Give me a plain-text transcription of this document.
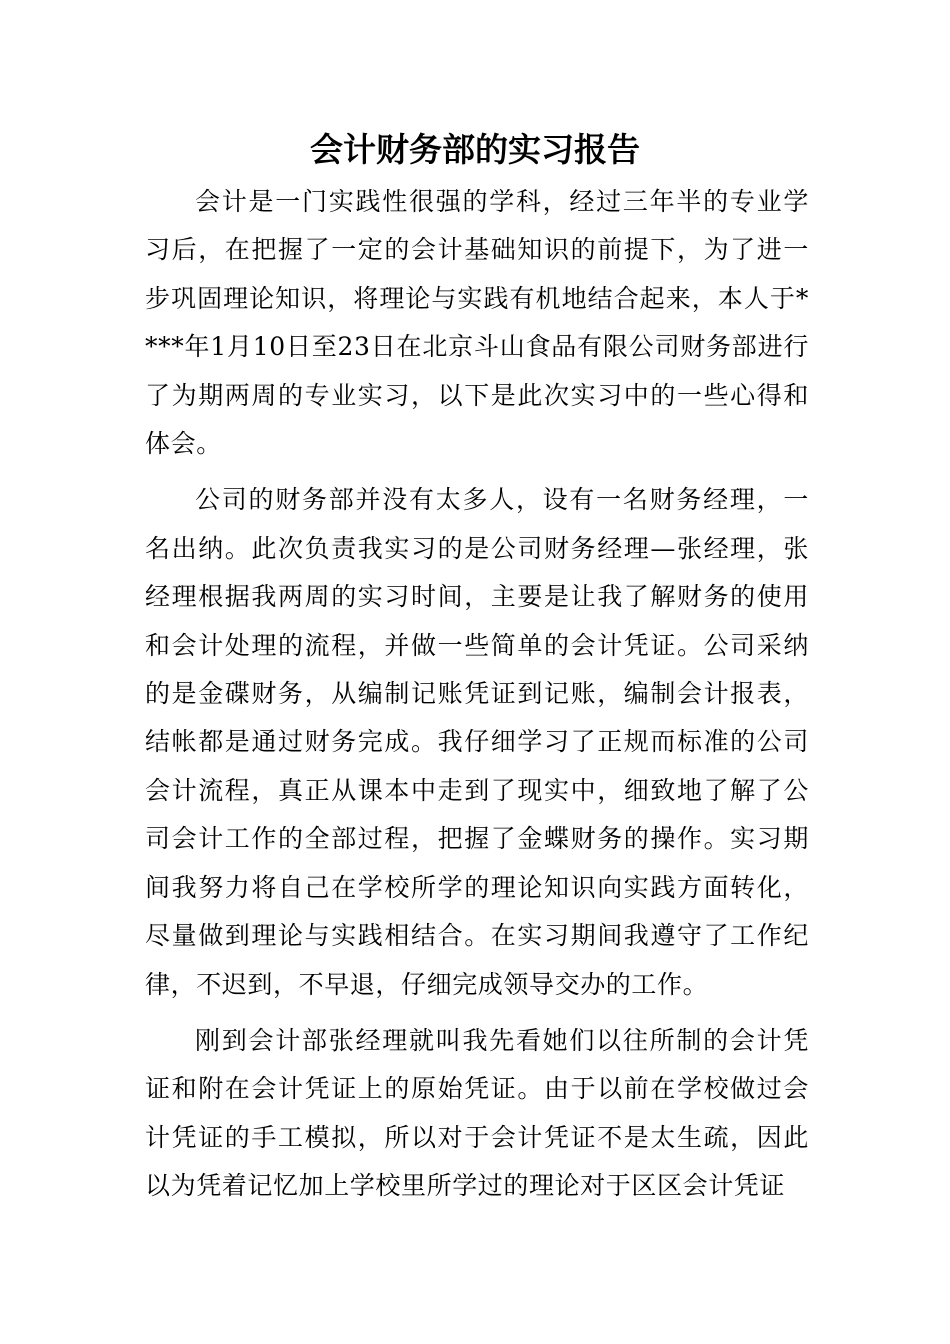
会计财务部的实习报告

会计是一门实践性很强的学科，经过三年半的专业学习后，在把握了一定的会计基础知识的前提下，为了进一步巩固理论知识，将理论与实践有机地结合起来，本人于****年1月10日至23日在北京斗山食品有限公司财务部进行了为期两周的专业实习，以下是此次实习中的一些心得和体会。

公司的财务部并没有太多人，设有一名财务经理，一名出纳。此次负责我实习的是公司财务经理—张经理，张经理根据我两周的实习时间，主要是让我了解财务的使用和会计处理的流程，并做一些简单的会计凭证。公司采纳的是金碟财务，从编制记账凭证到记账，编制会计报表，结帐都是通过财务完成。我仔细学习了正规而标准的公司会计流程，真正从课本中走到了现实中，细致地了解了公司会计工作的全部过程，把握了金蝶财务的操作。实习期间我努力将自己在学校所学的理论知识向实践方面转化，尽量做到理论与实践相结合。在实习期间我遵守了工作纪律，不迟到，不早退，仔细完成领导交办的工作。

刚到会计部张经理就叫我先看她们以往所制的会计凭证和附在会计凭证上的原始凭证。由于以前在学校做过会计凭证的手工模拟，所以对于会计凭证不是太生疏，因此以为凭着记忆加上学校里所学过的理论对于区区会计凭证
